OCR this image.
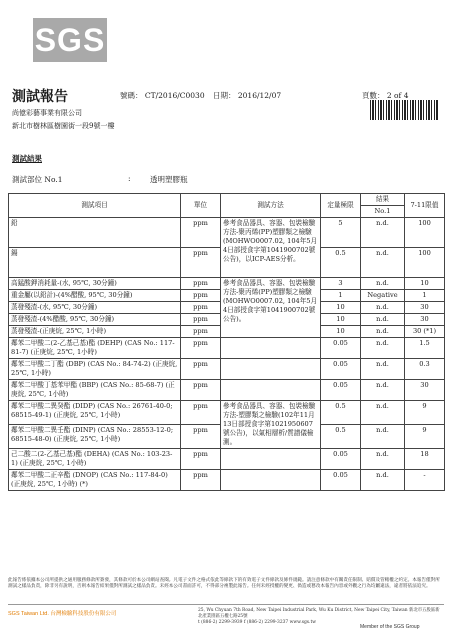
SGS
測試報告	號碼： CT/2016/C0030 日期： 2016/12/07	頁數： 2 of 4
尚億彩藝事業有限公司
新北市樹林區樹園街一段9號一樓
測試結果
測試部位 No.1	:	透明塑膠瓶
測試項目	單位	測試方法	定量極限	結果	7-11限值
				No.1	
鉛	ppm	參考食品器具、容器、包裝檢驗方法-聚丙烯(PP)塑膠類之檢驗(MOHWO0007.02, 104年5月4日部授食字第1041900702號公告)，以ICP-AES分析。	5	n.d.	100
鎘	ppm		0.5	n.d.	100
高錳酸鉀消耗量-(水, 95℃, 30分鐘)	ppm	參考食品器具、容器、包裝檢驗方法-聚丙烯(PP)塑膠類之檢驗(MOHWO0007.02, 104年5月4日部授食字第1041900702號公告)。	3	n.d.	10
重金屬(以鉛計)-(4%醋酸, 95℃, 30分鐘)	ppm		1	Negative	1
蒸發殘渣-(水, 95℃, 30分鐘)	ppm		10	n.d.	30
蒸發殘渣-(4%醋酸, 95℃, 30分鐘)	ppm		10	n.d.	30
蒸發殘渣-(正庚烷, 25℃, 1小時)	ppm		10	n.d.	30 (*1)
鄰苯二甲酸二(2-乙基己基)酯 (DEHP) (CAS No.: 117-81-7) (正庚烷, 25℃, 1小時)	ppm		0.05	n.d.	1.5
鄰苯二甲酸二丁酯 (DBP) (CAS No.: 84-74-2) (正庚烷, 25℃, 1小時)	ppm		0.05	n.d.	0.3
鄰苯二甲酸丁基苯甲酯 (BBP) (CAS No.: 85-68-7) (正庚烷, 25℃, 1小時)	ppm		0.05	n.d.	30
鄰苯二甲酸二異癸酯 (DIDP) (CAS No.: 26761-40-0; 68515-49-1) (正庚烷, 25℃, 1小時)	ppm	參考食品器具、容器、包裝檢驗方法-塑膠類之檢驗(102年11月13日部授食字第1021950607號公告)，以氣相層析/質譜儀檢測。	0.5	n.d.	9
鄰苯二甲酸二異壬酯 (DINP) (CAS No.: 28553-12-0; 68515-48-0) (正庚烷, 25℃, 1小時)	ppm		0.5	n.d.	9
己二酸二(2-乙基己基)酯 (DEHA) (CAS No.: 103-23-1) (正庚烷, 25℃, 1小時)	ppm		0.05	n.d.	18
鄰苯二甲酸二正辛酯 (DNOP) (CAS No.: 117-84-0) (正庚烷, 25℃, 1小時) (*)	ppm		0.05	n.d.	-
此報告係依據本公司所提供之通用服務條款所簽發，其條款可於本公司網站查閱。凡電子文件之格式依此等條款下的有效電子文件條款及條件規範。請注意條款中有關責任限制、賠償及管轄權之約定。本報告僅對所測試之樣品負責，除非另有說明，否則本報告結果僅對所測試之樣品負責。未經本公司書面許可，不得部分複製此報告。任何未經授權的變更、偽造或篡改本報告內容或外觀之行為均屬違法，違者將依法追究。
SGS Taiwan Ltd. 台灣檢驗科技股份有限公司
25, Wu Chyuan 7th Road, New Taipei Industrial Park, Wu Ku District, New Taipei City, Taiwan 新北市五股區新北產業園區五權七路25號
t (886-2) 2299-3939 f (886-2) 2299-3237 www.sgs.tw
Member of the SGS Group
